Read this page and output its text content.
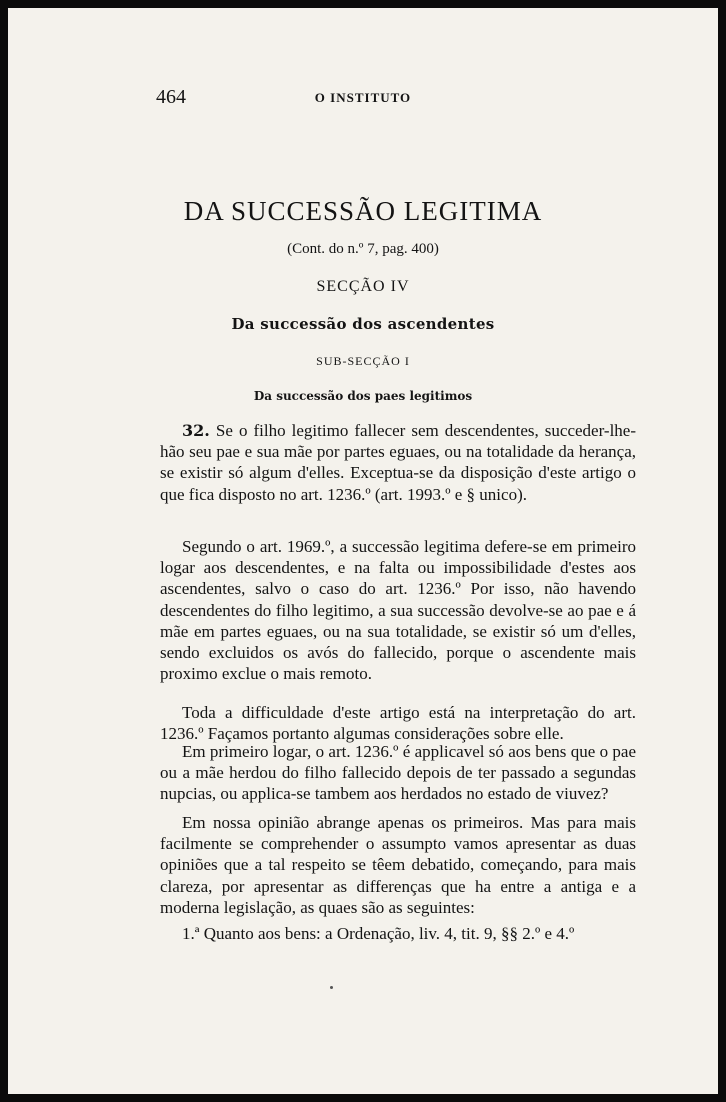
464	O INSTITUTO
DA SUCCESSÃO LEGITIMA
(Cont. do n.º 7, pag. 400)
SECÇÃO IV
Da successão dos ascendentes
SUB-SECÇÃO I
Da successão dos paes legitimos

32. Se o filho legitimo fallecer sem descendentes, succeder-lhe-hão seu pae e sua mãe por partes eguaes, ou na totalidade da herança, se existir só algum d'elles. Exceptua-se da disposição d'este artigo o que fica disposto no art. 1236.º (art. 1993.º e § unico).

Segundo o art. 1969.º, a successão legitima defere-se em primeiro logar aos descendentes, e na falta ou impossibilidade d'estes aos ascendentes, salvo o caso do art. 1236.º Por isso, não havendo descendentes do filho legitimo, a sua successão devolve-se ao pae e á mãe em partes eguaes, ou na sua totalidade, se existir só um d'elles, sendo excluidos os avós do fallecido, porque o ascendente mais proximo exclue o mais remoto.

Toda a difficuldade d'este artigo está na interpretação do art. 1236.º Façamos portanto algumas considerações sobre elle.

Em primeiro logar, o art. 1236.º é applicavel só aos bens que o pae ou a mãe herdou do filho fallecido depois de ter passado a segundas nupcias, ou applica-se tambem aos herdados no estado de viuvez?

Em nossa opinião abrange apenas os primeiros. Mas para mais facilmente se comprehender o assumpto vamos apresentar as duas opiniões que a tal respeito se têem debatido, começando, para mais clareza, por apresentar as differenças que ha entre a antiga e a moderna legislação, as quaes são as seguintes:

1.ª Quanto aos bens: a Ordenação, liv. 4, tit. 9, §§ 2.º e 4.º
